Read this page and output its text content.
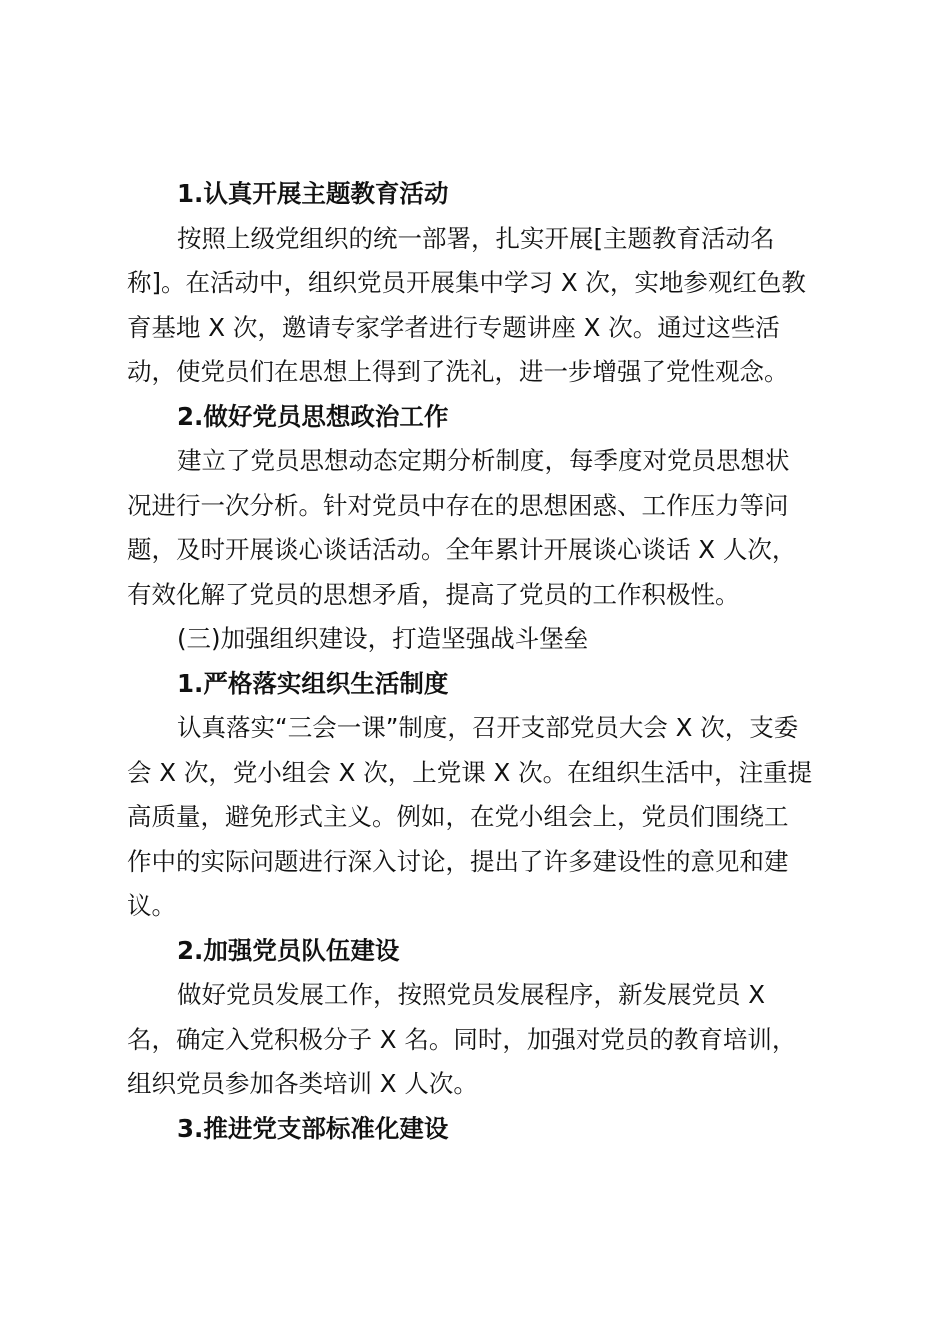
1.认真开展主题教育活动
按照上级党组织的统一部署，扎实开展[主题教育活动名
称]。在活动中，组织党员开展集中学习 X 次，实地参观红色教
育基地 X 次，邀请专家学者进行专题讲座 X 次。通过这些活
动，使党员们在思想上得到了洗礼，进一步增强了党性观念。
2.做好党员思想政治工作
建立了党员思想动态定期分析制度，每季度对党员思想状
况进行一次分析。针对党员中存在的思想困惑、工作压力等问
题，及时开展谈心谈话活动。全年累计开展谈心谈话 X 人次，
有效化解了党员的思想矛盾，提高了党员的工作积极性。
(三)加强组织建设，打造坚强战斗堡垒
1.严格落实组织生活制度
认真落实“三会一课”制度，召开支部党员大会 X 次，支委
会 X 次，党小组会 X 次，上党课 X 次。在组织生活中，注重提
高质量，避免形式主义。例如，在党小组会上，党员们围绕工
作中的实际问题进行深入讨论，提出了许多建设性的意见和建
议。
2.加强党员队伍建设
做好党员发展工作，按照党员发展程序，新发展党员 X
名，确定入党积极分子 X 名。同时，加强对党员的教育培训，
组织党员参加各类培训 X 人次。
3.推进党支部标准化建设
